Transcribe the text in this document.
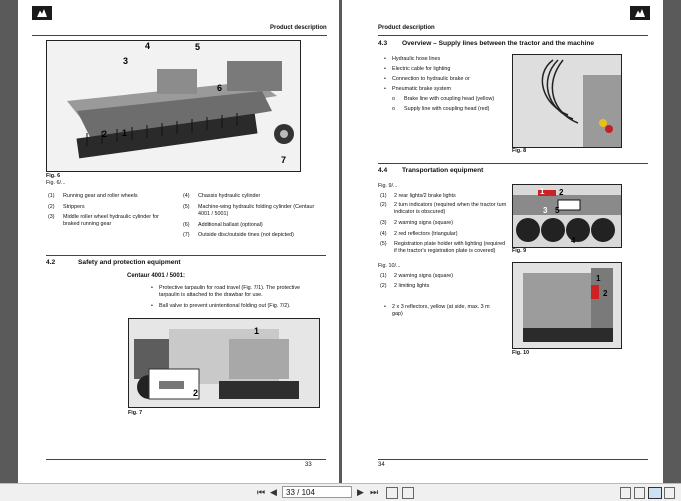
Product description
1
2
3
4	5
6
7
Fig. 6
Fig. 6/...
(1) Running gear and roller wheels
(2) Strippers
(3) Middle roller wheel hydraulic cylinder for braked running gear
(4) Chassis hydraulic cylinder
(5) Machine-wing hydraulic folding cylinder (Centaur 4001 / 5001)
(6) Additional ballast (optional)
(7) Outside disc/outside tines (not depicted)
4.2	Safety and protection equipment
Centaur 4001 / 5001:
• Protective tarpaulin for road travel (Fig. 7/1). The protective tarpaulin is attached to the drawbar for use.
• Ball valve to prevent unintentional folding out (Fig. 7/2).
1
2
Fig. 7
33
Product description
4.3 Overview – Supply lines between the tractor and the machine
• Hydraulic hose lines
• Electric cable for lighting
• Connection to hydraulic brake or
• Pneumatic brake system
o Brake line with coupling head (yellow)
o Supply line with coupling head (red)
Fig. 8
4.4 Transportation equipment
Fig. 9/...
(1) 2 rear lights/2 brake lights
(2) 2 turn indicators (required when the tractor turn indicator is obscured)
(3) 2 warning signs (square)
(4) 2 red reflectors (triangular)
(5) Registration plate holder with lighting (required if the tractor's registration plate is covered)
Fig. 10/...
(1) 2 warning signs (square)
(2) 2 limiting lights
• 2 x 3 reflectors, yellow (at side, max. 3 m gap)
1 2
3 5
4
Fig. 9
1
2
Fig. 10
34
⏮ ◀	33 / 104	▶ ⏭
